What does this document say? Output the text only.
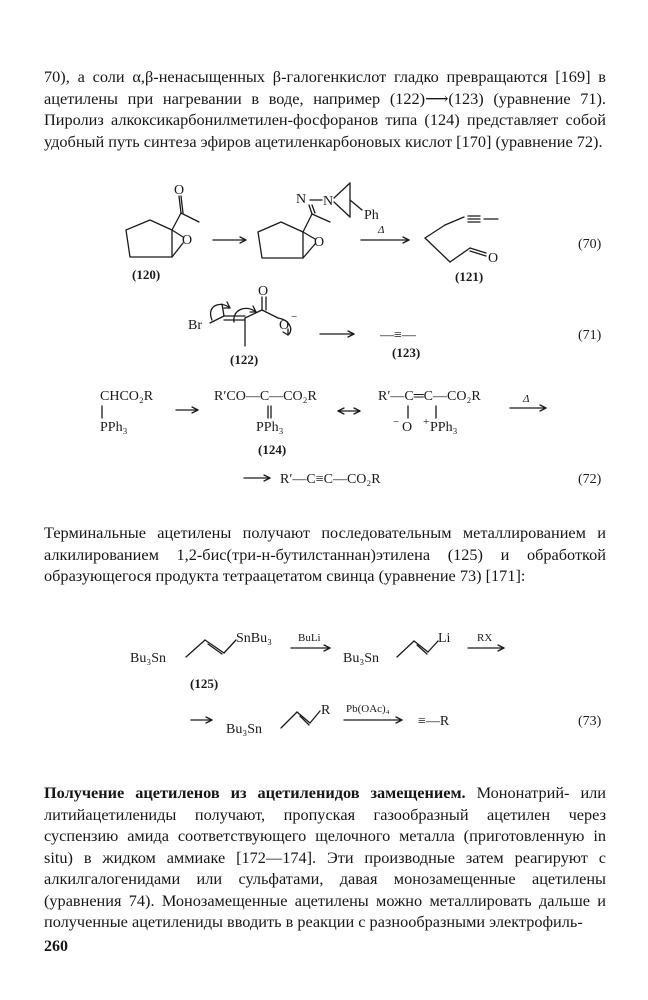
70), а соли α,β-ненасыщенных β-галогенкислот гладко превращаются [169] в ацетилены при нагревании в воде, например (122)⟶(123) (уравнение 71). Пиролиз алкоксикарбонилметилен-фосфоранов типа (124) представляет собой удобный путь синтеза эфиров ацетиленкарбоновых кислот [170] (уравнение 72).

O
O
(120)
N N
Ph
O
Δ
O
(121)
(70)
Br
O
O
−
(122)
—≡—
(123)
(71)
CHCO₂R
PPh₃
R′CO—C—CO₂R
PPh₃
(124)
R′—C═C—CO₂R
− O + PPh₃
Δ
R′—C≡C—CO₂R	(72)
Bu₃Sn
SnBu₃
(125)
BuLi
Bu₃Sn
Li RX
Bu₃Sn
R Pb(OAc)₄
≡—R	(73)

Терминальные ацетилены получают последовательным металлированием и алкилированием 1,2-бис(три-н-бутилстаннан)этилена (125) и обработкой образующегося продукта тетраацетатом свинца (уравнение 73) [171]:

Получение ацетиленов из ацетиленидов замещением. Мононатрий- или литийацетилениды получают, пропуская газообразный ацетилен через суспензию амида соответствующего щелочного металла (приготовленную in situ) в жидком аммиаке [172—174]. Эти производные затем реагируют с алкилгалогенидами или сульфатами, давая монозамещенные ацетилены (уравнения 74). Монозамещенные ацетилены можно металлировать дальше и полученные ацетилениды вводить в реакции с разнообразными электрофиль-

260
